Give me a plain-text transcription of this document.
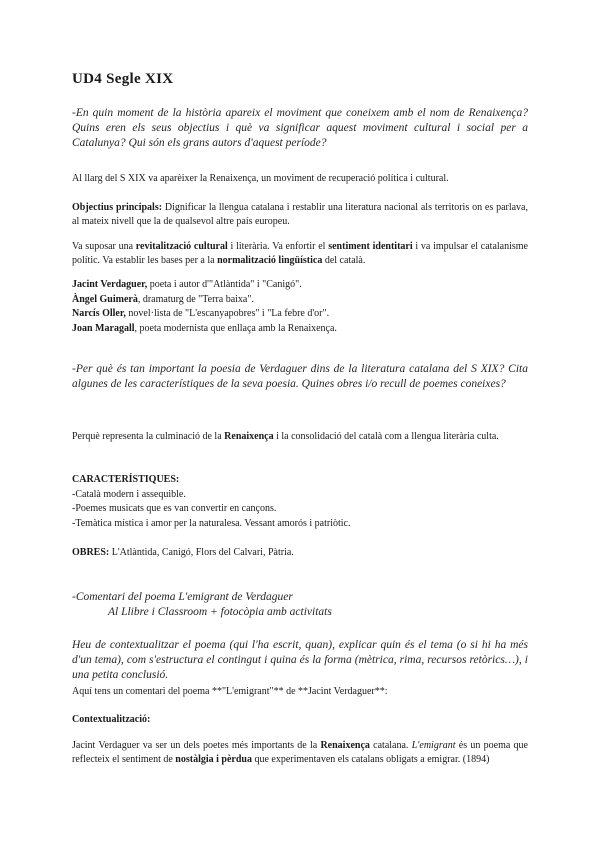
UD4 Segle XIX

-En quin moment de la història apareix el moviment que coneixem amb el nom de Renaixença? Quins eren els seus objectius i què va significar aquest moviment cultural i social per a Catalunya? Qui són els grans autors d'aquest període?

Al llarg del S XIX va aparèixer la Renaixença, un moviment de recuperació política i cultural.

Objectius principals: Dignificar la llengua catalana i restablir una literatura nacional als territoris on es parlava, al mateix nivell que la de qualsevol altre país europeu.

Va suposar una revitalització cultural i literària. Va enfortir el sentiment identitari i va impulsar el catalanisme polític. Va establir les bases per a la normalització lingüística del català.

Jacint Verdaguer, poeta i autor d'"Atlàntida" i "Canigó".
Àngel Guimerà, dramaturg de "Terra baixa".
Narcís Oller, novel·lista de "L'escanyapobres" i "La febre d'or".
Joan Maragall, poeta modernista que enllaça amb la Renaixença.

-Per què és tan important la poesia de Verdaguer dins de la literatura catalana del S XIX? Cita algunes de les característiques de la seva poesia. Quines obres i/o recull de poemes coneixes?

Perquè representa la culminació de la Renaixença i la consolidació del català com a llengua literària culta.

CARACTERÍSTIQUES:
-Català modern i assequible.
-Poemes musicats que es van convertir en cançons.
-Temàtica mística i amor per la naturalesa. Vessant amorós i patriòtic.

OBRES: L'Atlàntida, Canigó, Flors del Calvari, Pàtria.

-Comentari del poema L'emigrant de Verdaguer
Al Llibre i Classroom + fotocòpia amb activitats

Heu de contextualitzar el poema (qui l'ha escrit, quan), explicar quin és el tema (o si hi ha més d'un tema), com s'estructura el contingut i quina és la forma (mètrica, rima, recursos retòrics…), i una petita conclusió.

Aquí tens un comentari del poema **"L'emigrant"** de **Jacint Verdaguer**:

Contextualització:

Jacint Verdaguer va ser un dels poetes més importants de la Renaixença catalana. L'emigrant és un poema que reflecteix el sentiment de nostàlgia i pèrdua que experimentaven els catalans obligats a emigrar. (1894)
